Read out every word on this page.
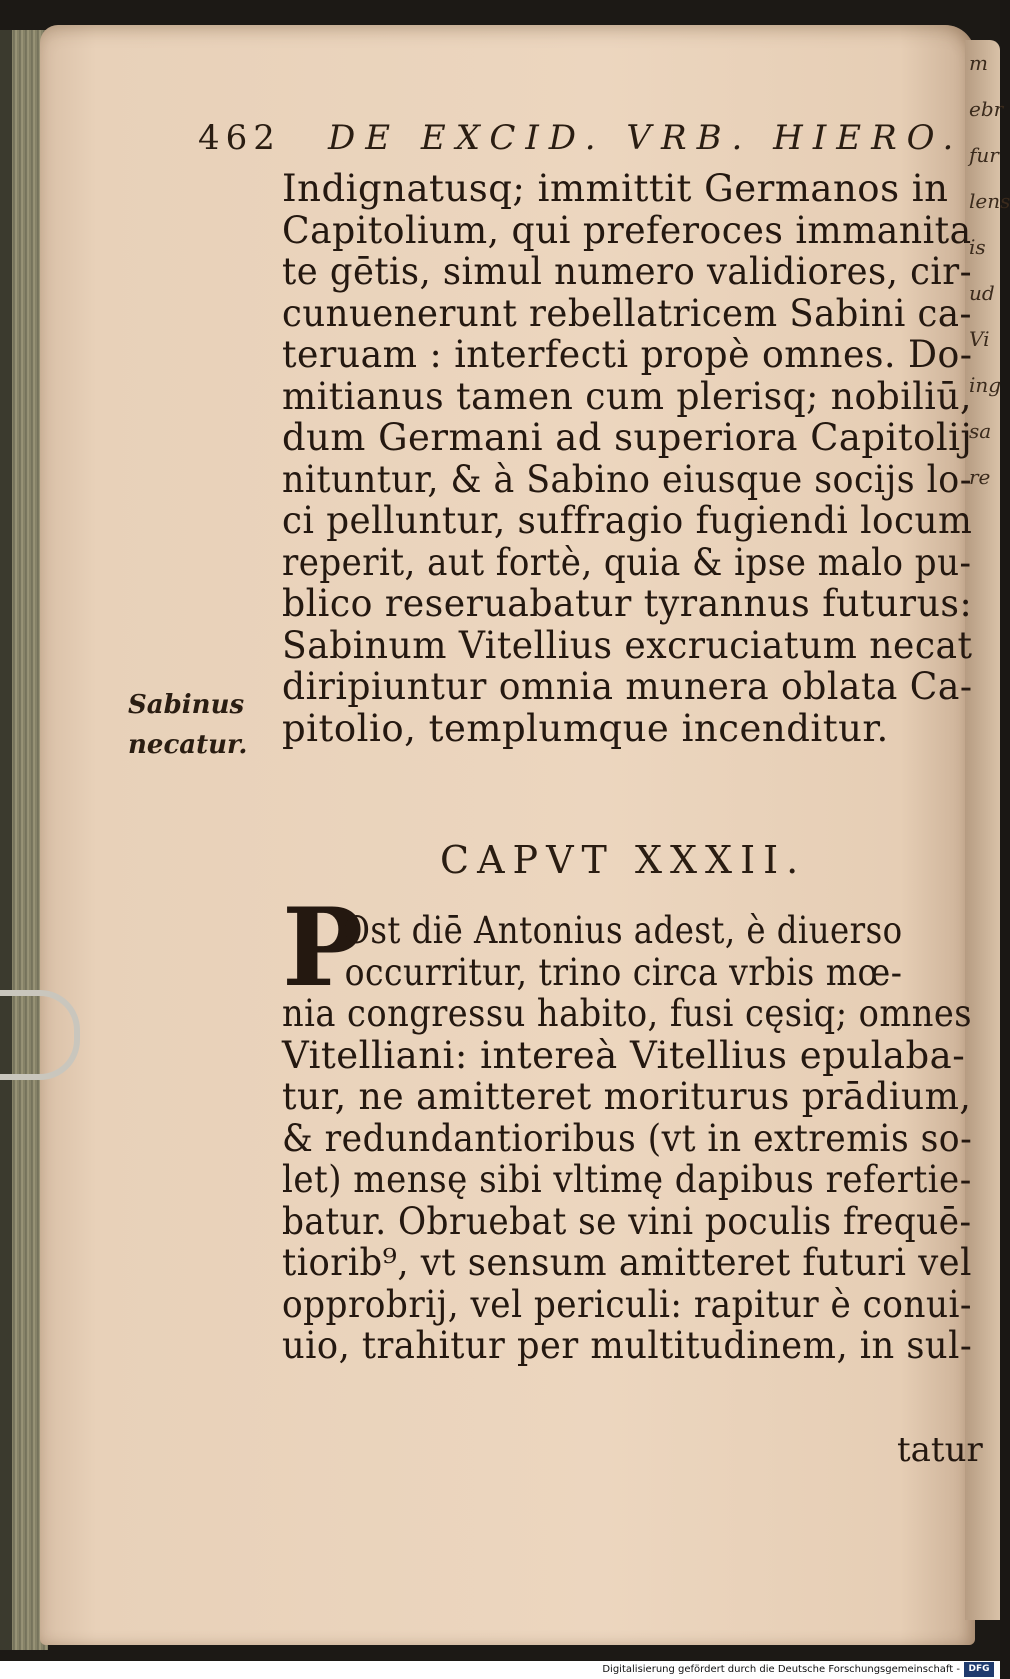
m
ebr
fur
lens
is
ud
Vi
ing
sa
re
462 DE EXCID. VRB. HIERO.
Indignatusq; immittit Germanos in
Capitolium, qui preferoces immanita
te gētis, simul numero validiores, cir-
cunuenerunt rebellatricem Sabini ca-
teruam : interfecti propè omnes. Do-
mitianus tamen cum plerisq; nobiliū,
dum Germani ad superiora Capitolij
nituntur, & à Sabino eiusque socijs lo-
ci pelluntur, suffragio fugiendi locum
reperit, aut fortè, quia & ipse malo pu-
blico reseruabatur tyrannus futurus:
Sabinum Vitellius excruciatum necat
diripiuntur omnia munera oblata Ca-
pitolio, templumque incenditur.
Sabinus
necatur.
CAPVT XXXII.
P
Ost diē Antonius adest, è diuerso
occurritur, trino circa vrbis mœ-
nia congressu habito, fusi cęsiq; omnes
Vitelliani: intereà Vitellius epulaba-
tur, ne amitteret moriturus prādium,
& redundantioribus (vt in extremis so-
let) mensę sibi vltimę dapibus refertie-
batur. Obruebat se vini poculis frequē-
tiorib⁹, vt sensum amitteret futuri vel
opprobrij, vel periculi: rapitur è conui-
uio, trahitur per multitudinem, in sul-
tatur
Digitalisierung gefördert durch die Deutsche Forschungsgemeinschaft - DFG
